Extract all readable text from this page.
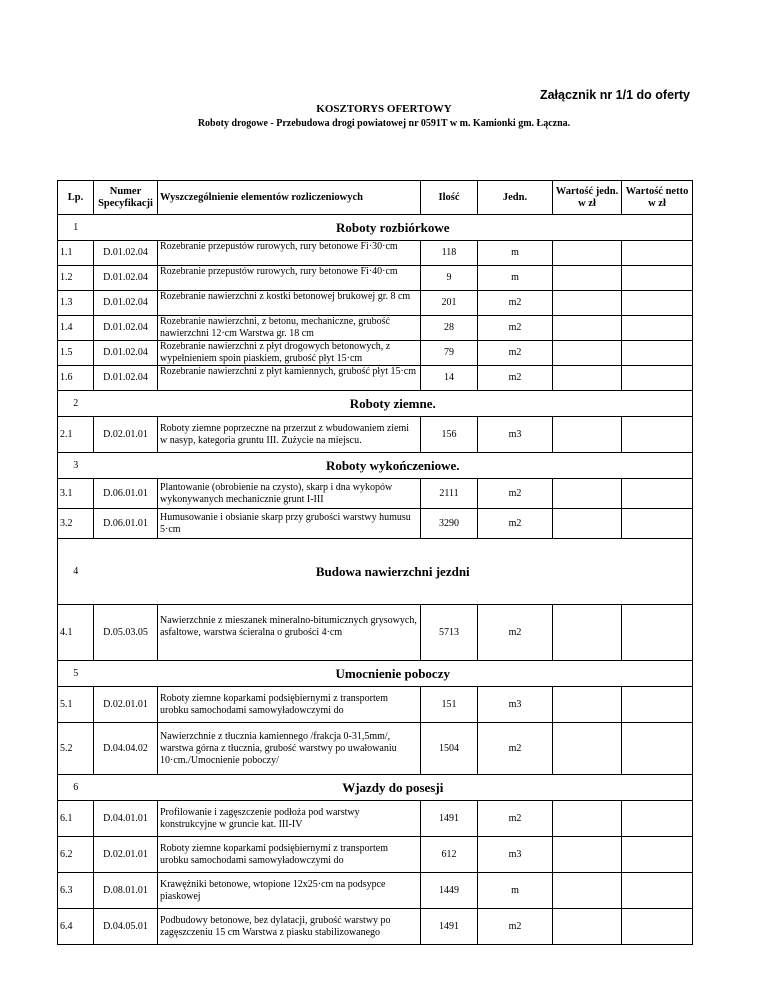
Załącznik nr 1/1 do oferty
KOSZTORYS OFERTOWY
Roboty drogowe - Przebudowa drogi powiatowej nr 0591T w m. Kamionki gm. Łączna.
Lp.	Numer Specyfikacji	Wyszczególnienie elementów rozliczeniowych	Ilość	Jedn.	Wartość jedn. w zł	Wartość netto w zł
1	Roboty rozbiórkowe					
1.1	D.01.02.04	Rozebranie przepustów rurowych, rury betonowe Fi·30·cm	118	m		
1.2	D.01.02.04	Rozebranie przepustów rurowych, rury betonowe Fi·40·cm	9	m		
1.3	D.01.02.04	Rozebranie nawierzchni z kostki betonowej brukowej gr. 8 cm	201	m2		
1.4	D.01.02.04	Rozebranie nawierzchni, z betonu, mechaniczne, grubość nawierzchni 12·cm Warstwa gr. 18 cm	28	m2		
1.5	D.01.02.04	Rozebranie nawierzchni z płyt drogowych betonowych, z wypełnieniem spoin piaskiem, grubość płyt 15·cm	79	m2		
1.6	D.01.02.04	Rozebranie nawierzchni z płyt kamiennych, grubość płyt 15·cm	14	m2		
2	Roboty ziemne.					
2.1	D.02.01.01	Roboty ziemne poprzeczne na przerzut z wbudowaniem ziemi w nasyp, kategoria gruntu III. Zużycie na miejscu.	156	m3		
3	Roboty wykończeniowe.					
3.1	D.06.01.01	Plantowanie (obrobienie na czysto), skarp i dna wykopów wykonywanych mechanicznie grunt I-III	2111	m2		
3.2	D.06.01.01	Humusowanie i obsianie skarp przy grubości warstwy humusu 5·cm	3290	m2		
4	Budowa nawierzchni jezdni					
4.1	D.05.03.05	Nawierzchnie z mieszanek mineralno-bitumicznych grysowych, asfaltowe, warstwa ścieralna o grubości 4·cm	5713	m2		
5	Umocnienie poboczy					
5.1	D.02.01.01	Roboty ziemne koparkami podsiębiernymi z transportem urobku samochodami samowyładowczymi do	151	m3		
5.2	D.04.04.02	Nawierzchnie z tłucznia kamiennego /frakcja 0-31,5mm/, warstwa górna z tłucznia, grubość warstwy po uwałowaniu 10·cm./Umocnienie poboczy/	1504	m2		
6	Wjazdy do posesji					
6.1	D.04.01.01	Profilowanie i zagęszczenie podłoża pod warstwy konstrukcyjne w gruncie kat. III-IV	1491	m2		
6.2	D.02.01.01	Roboty ziemne koparkami podsiębiernymi z transportem urobku samochodami samowyładowczymi do	612	m3		
6.3	D.08.01.01	Krawężniki betonowe, wtopione 12x25·cm na podsypce piaskowej	1449	m		
6.4	D.04.05.01	Podbudowy betonowe, bez dylatacji, grubość warstwy po zagęszczeniu 15 cm Warstwa z piasku stabilizowanego	1491	m2		
